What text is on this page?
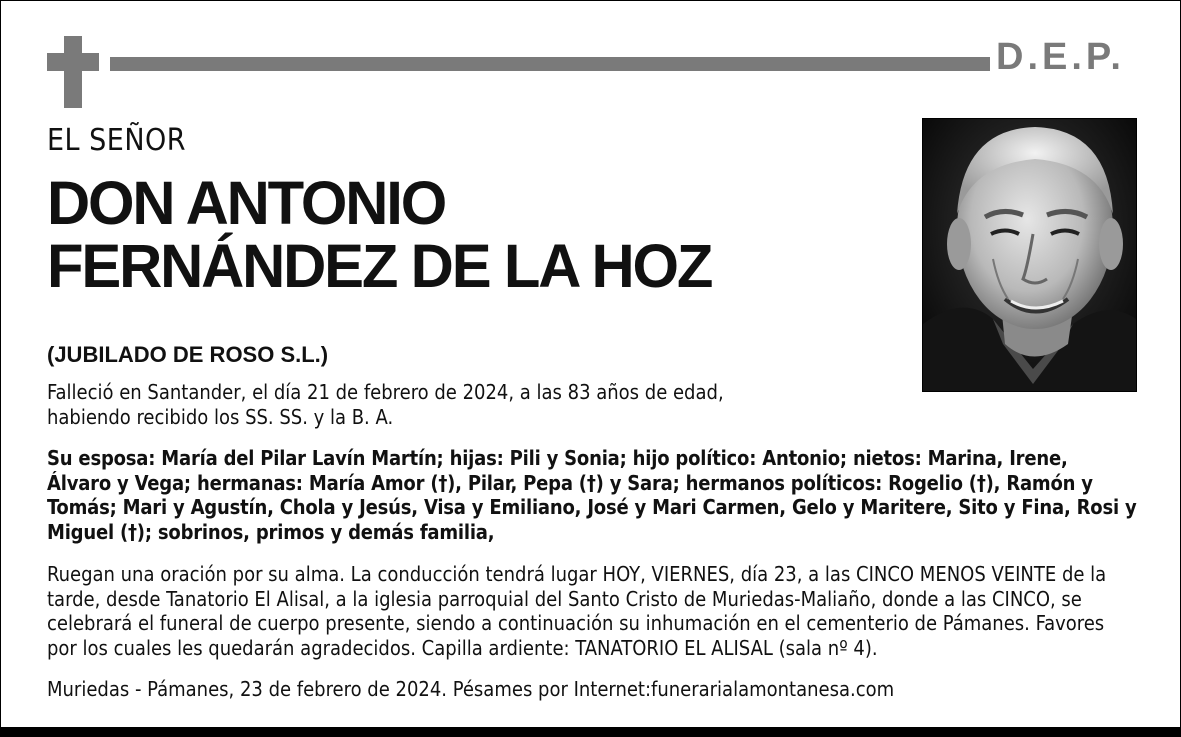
D.E.P.
EL SEÑOR
DON ANTONIO
FERNÁNDEZ DE LA HOZ
(JUBILADO DE ROSO S.L.)
Falleció en Santander, el día 21 de febrero de 2024, a las 83 años de edad, habiendo recibido los SS. SS. y la B. A.
Su esposa: María del Pilar Lavín Martín; hijas: Pili y Sonia; hijo político: Antonio; nietos: Marina, Irene, Álvaro y Vega; hermanas: María Amor (†), Pilar, Pepa (†) y Sara; hermanos políticos: Rogelio (†), Ramón y Tomás; Mari y Agustín, Chola y Jesús, Visa y Emiliano, José y Mari Carmen, Gelo y Maritere, Sito y Fina, Rosi y Miguel (†); sobrinos, primos y demás familia,
Ruegan una oración por su alma. La conducción tendrá lugar HOY, VIERNES, día 23, a las CINCO MENOS VEINTE de la tarde, desde Tanatorio El Alisal, a la iglesia parroquial del Santo Cristo de Muriedas-Maliaño, donde a las CINCO, se celebrará el funeral de cuerpo presente, siendo a continuación su inhumación en el cementerio de Pámanes. Favores por los cuales les quedarán agradecidos. Capilla ardiente: TANATORIO EL ALISAL (sala nº 4).
Muriedas - Pámanes, 23 de febrero de 2024. Pésames por Internet:funerarialamontanesa.com
